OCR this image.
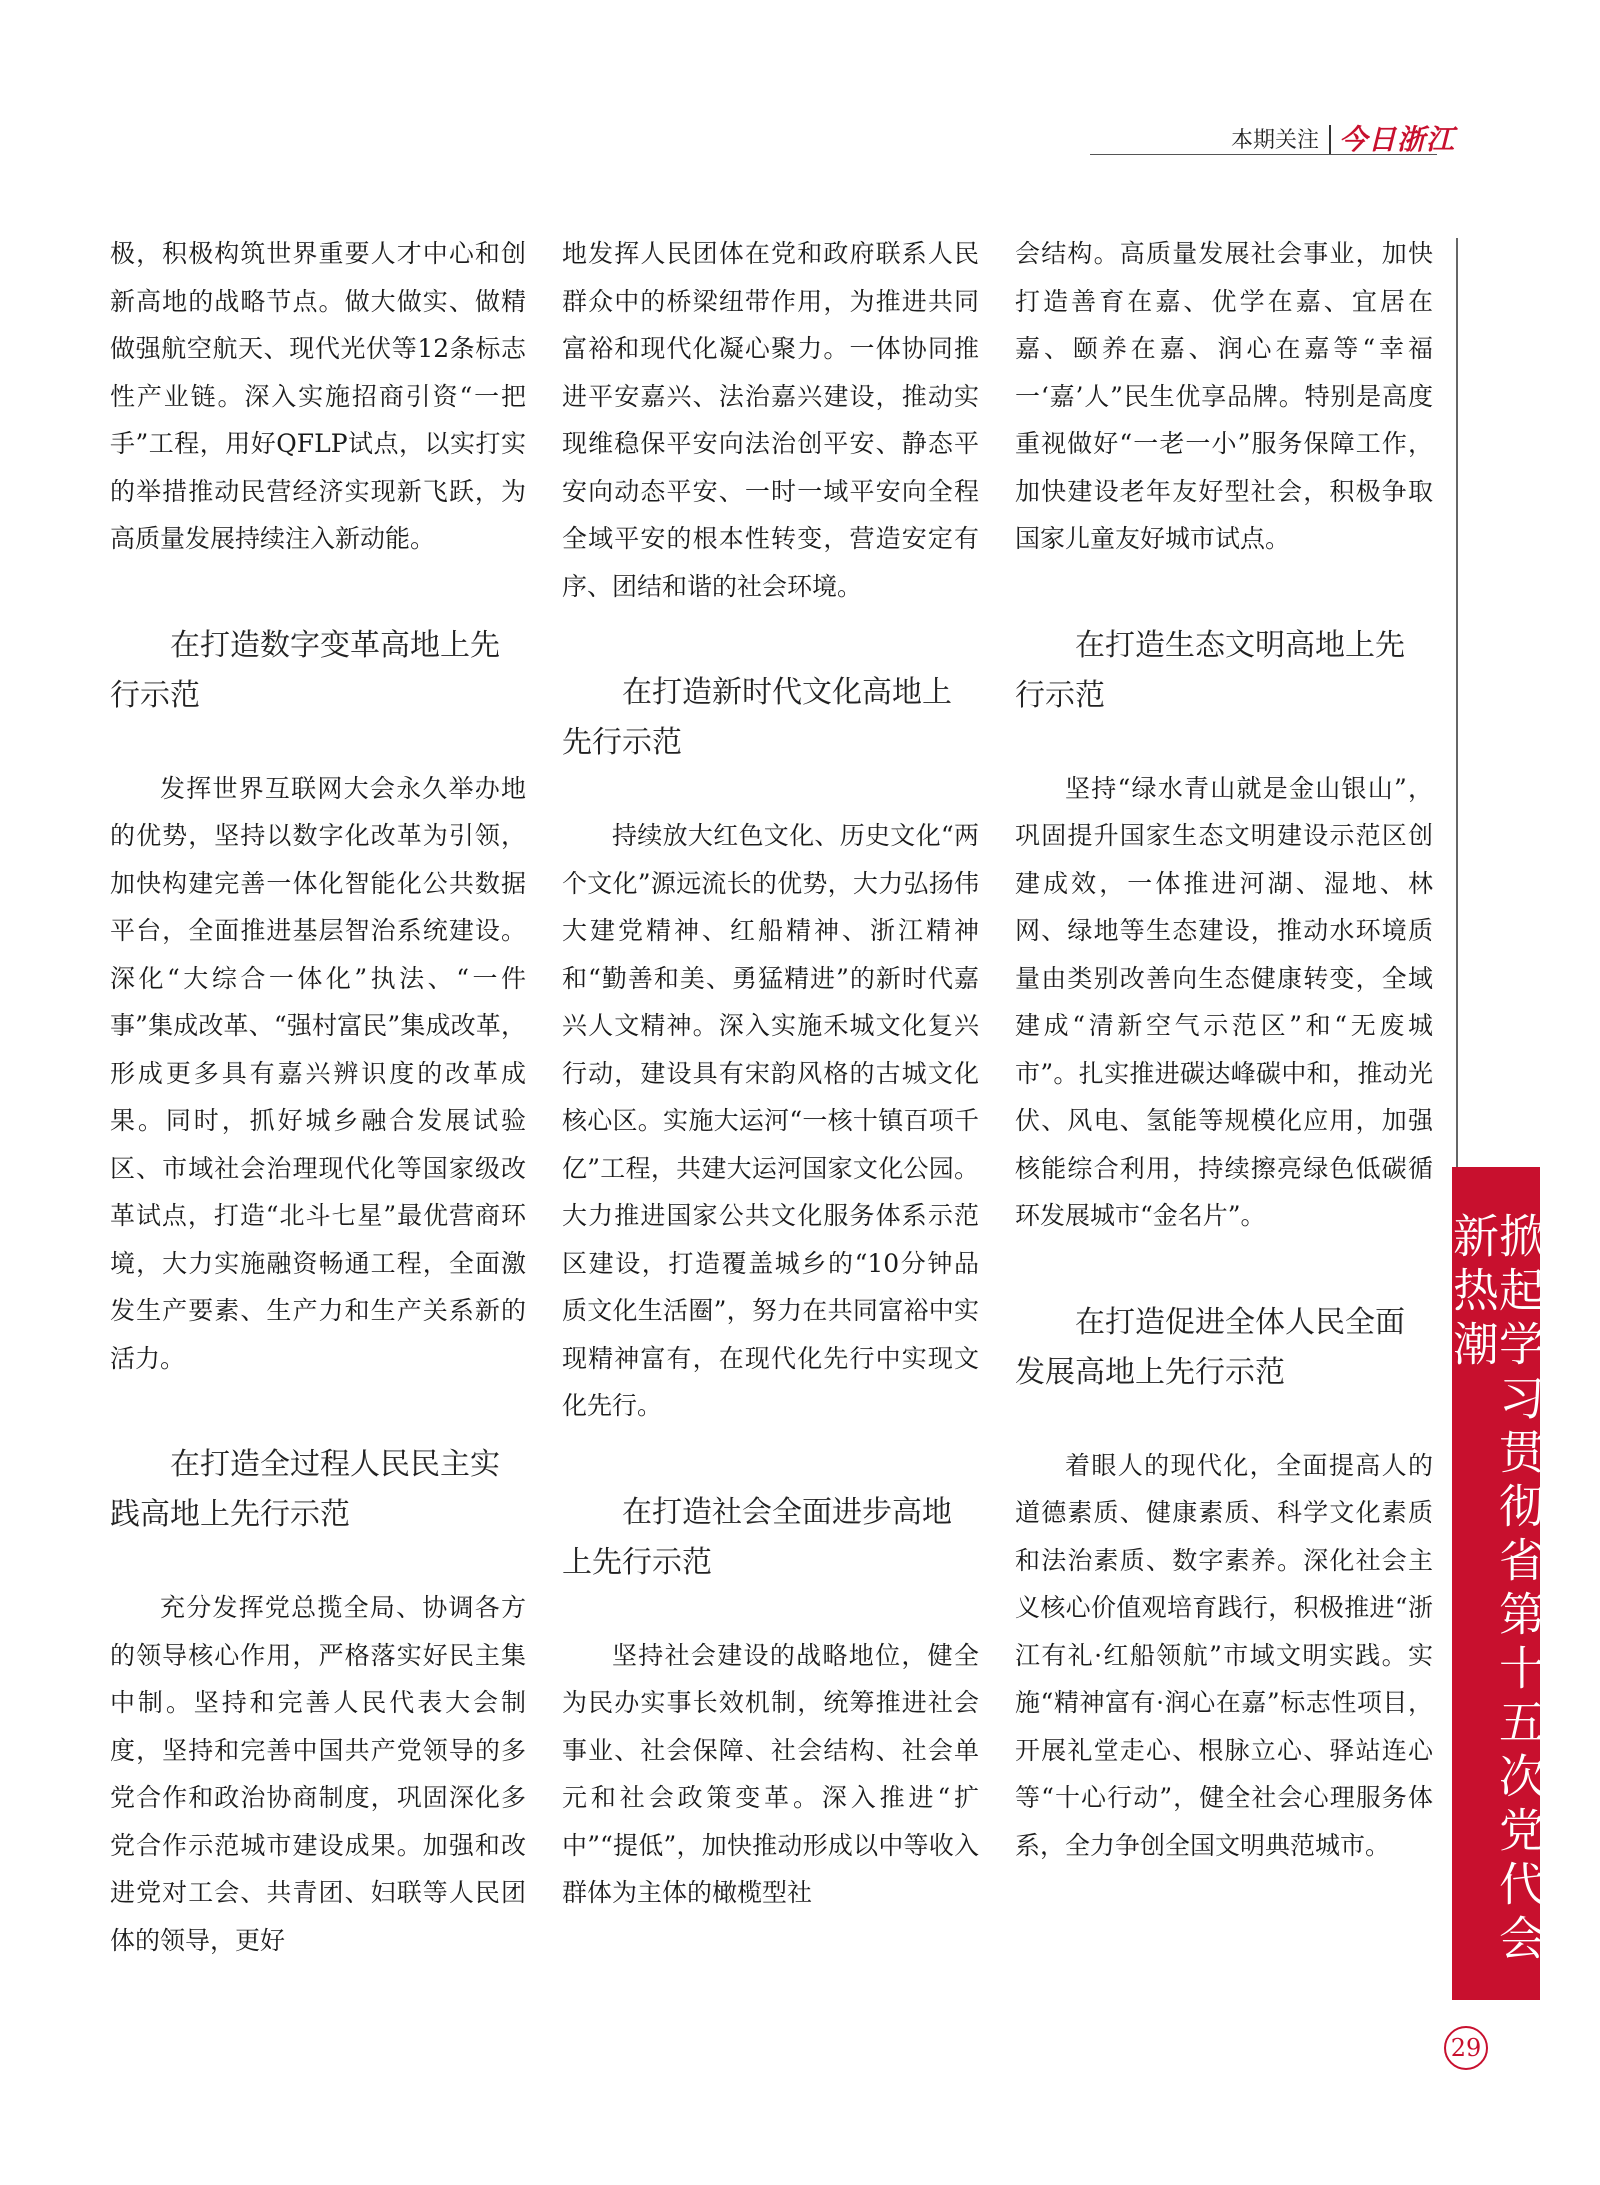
本期关注 今日浙江

极，积极构筑世界重要人才中心和创新高地的战略节点。做大做实、做精做强航空航天、现代光伏等12条标志性产业链。深入实施招商引资“一把手”工程，用好QFLP试点，以实打实的举措推动民营经济实现新飞跃，为高质量发展持续注入新动能。

在打造数字变革高地上先行示范

发挥世界互联网大会永久举办地的优势，坚持以数字化改革为引领，加快构建完善一体化智能化公共数据平台，全面推进基层智治系统建设。深化“大综合一体化”执法、“一件事”集成改革、“强村富民”集成改革，形成更多具有嘉兴辨识度的改革成果。同时，抓好城乡融合发展试验区、市域社会治理现代化等国家级改革试点，打造“北斗七星”最优营商环境，大力实施融资畅通工程，全面激发生产要素、生产力和生产关系新的活力。

在打造全过程人民民主实践高地上先行示范

充分发挥党总揽全局、协调各方的领导核心作用，严格落实好民主集中制。坚持和完善人民代表大会制度，坚持和完善中国共产党领导的多党合作和政治协商制度，巩固深化多党合作示范城市建设成果。加强和改进党对工会、共青团、妇联等人民团体的领导，更好

地发挥人民团体在党和政府联系人民群众中的桥梁纽带作用，为推进共同富裕和现代化凝心聚力。一体协同推进平安嘉兴、法治嘉兴建设，推动实现维稳保平安向法治创平安、静态平安向动态平安、一时一域平安向全程全域平安的根本性转变，营造安定有序、团结和谐的社会环境。

在打造新时代文化高地上先行示范

持续放大红色文化、历史文化“两个文化”源远流长的优势，大力弘扬伟大建党精神、红船精神、浙江精神和“勤善和美、勇猛精进”的新时代嘉兴人文精神。深入实施禾城文化复兴行动，建设具有宋韵风格的古城文化核心区。实施大运河“一核十镇百项千亿”工程，共建大运河国家文化公园。大力推进国家公共文化服务体系示范区建设，打造覆盖城乡的“10分钟品质文化生活圈”，努力在共同富裕中实现精神富有，在现代化先行中实现文化先行。

在打造社会全面进步高地上先行示范

坚持社会建设的战略地位，健全为民办实事长效机制，统筹推进社会事业、社会保障、社会结构、社会单元和社会政策变革。深入推进“扩中”“提低”，加快推动形成以中等收入群体为主体的橄榄型社

会结构。高质量发展社会事业，加快打造善育在嘉、优学在嘉、宜居在嘉、颐养在嘉、润心在嘉等“幸福一‘嘉’人”民生优享品牌。特别是高度重视做好“一老一小”服务保障工作，加快建设老年友好型社会，积极争取国家儿童友好城市试点。

在打造生态文明高地上先行示范

坚持“绿水青山就是金山银山”，巩固提升国家生态文明建设示范区创建成效，一体推进河湖、湿地、林网、绿地等生态建设，推动水环境质量由类别改善向生态健康转变，全域建成“清新空气示范区”和“无废城市”。扎实推进碳达峰碳中和，推动光伏、风电、氢能等规模化应用，加强核能综合利用，持续擦亮绿色低碳循环发展城市“金名片”。

在打造促进全体人民全面发展高地上先行示范

着眼人的现代化，全面提高人的道德素质、健康素质、科学文化素质和法治素质、数字素养。深化社会主义核心价值观培育践行，积极推进“浙江有礼·红船领航”市域文明实践。实施“精神富有·润心在嘉”标志性项目，开展礼堂走心、根脉立心、驿站连心等“十心行动”，健全社会心理服务体系，全力争创全国文明典范城市。	掀起学习贯彻省第十五次党代会新热潮
29
